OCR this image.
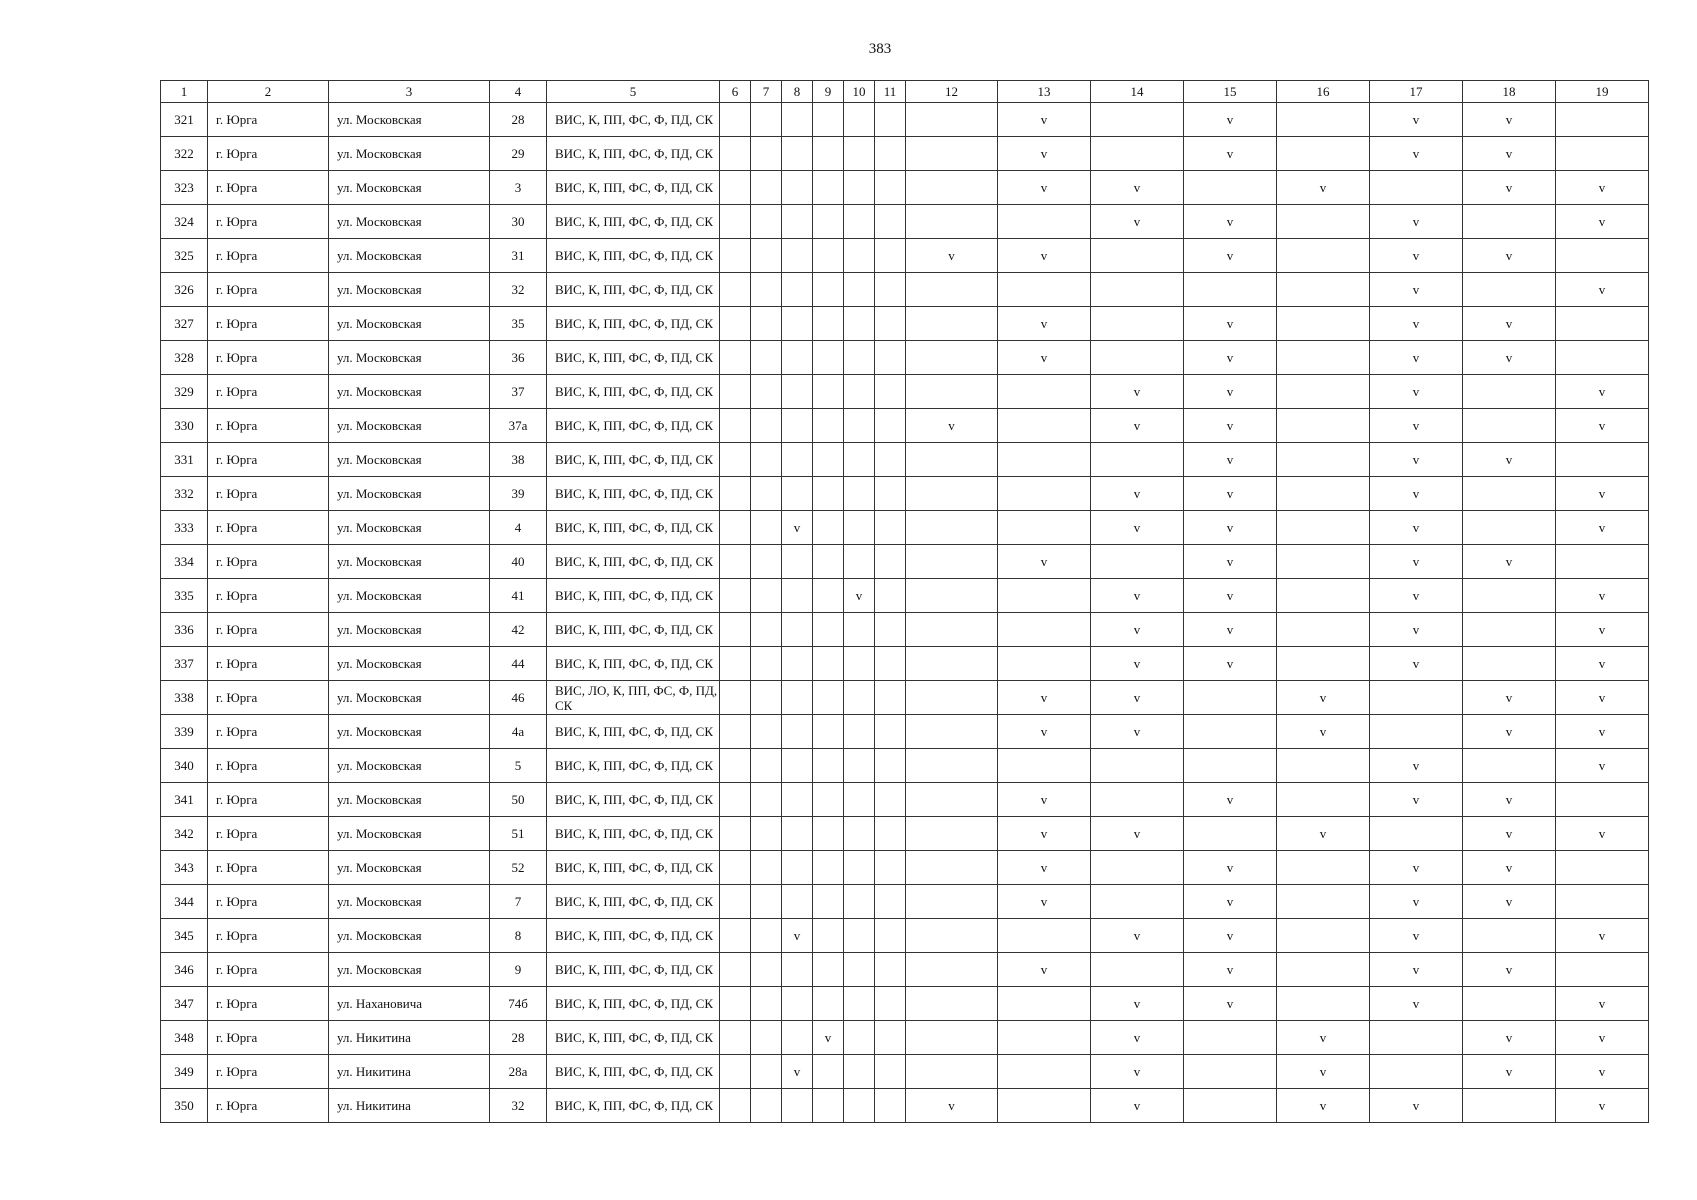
383
1	2	3	4	5	6	7	8	9	10	11	12	13	14	15	16	17	18	19
321	г. Юрга	ул. Московская	28	ВИС, К, ПП, ФС, Ф, ПД, СК								v		v		v	v	
322	г. Юрга	ул. Московская	29	ВИС, К, ПП, ФС, Ф, ПД, СК								v		v		v	v	
323	г. Юрга	ул. Московская	3	ВИС, К, ПП, ФС, Ф, ПД, СК								v	v		v		v	v
324	г. Юрга	ул. Московская	30	ВИС, К, ПП, ФС, Ф, ПД, СК									v	v		v		v
325	г. Юрга	ул. Московская	31	ВИС, К, ПП, ФС, Ф, ПД, СК							v	v		v		v	v	
326	г. Юрга	ул. Московская	32	ВИС, К, ПП, ФС, Ф, ПД, СК												v		v
327	г. Юрга	ул. Московская	35	ВИС, К, ПП, ФС, Ф, ПД, СК								v		v		v	v	
328	г. Юрга	ул. Московская	36	ВИС, К, ПП, ФС, Ф, ПД, СК								v		v		v	v	
329	г. Юрга	ул. Московская	37	ВИС, К, ПП, ФС, Ф, ПД, СК									v	v		v		v
330	г. Юрга	ул. Московская	37а	ВИС, К, ПП, ФС, Ф, ПД, СК							v		v	v		v		v
331	г. Юрга	ул. Московская	38	ВИС, К, ПП, ФС, Ф, ПД, СК										v		v	v	
332	г. Юрга	ул. Московская	39	ВИС, К, ПП, ФС, Ф, ПД, СК									v	v		v		v
333	г. Юрга	ул. Московская	4	ВИС, К, ПП, ФС, Ф, ПД, СК			v						v	v		v		v
334	г. Юрга	ул. Московская	40	ВИС, К, ПП, ФС, Ф, ПД, СК								v		v		v	v	
335	г. Юрга	ул. Московская	41	ВИС, К, ПП, ФС, Ф, ПД, СК					v				v	v		v		v
336	г. Юрга	ул. Московская	42	ВИС, К, ПП, ФС, Ф, ПД, СК									v	v		v		v
337	г. Юрга	ул. Московская	44	ВИС, К, ПП, ФС, Ф, ПД, СК									v	v		v		v
338	г. Юрга	ул. Московская	46	ВИС, ЛО, К, ПП, ФС, Ф, ПД, СК								v	v		v		v	v
339	г. Юрга	ул. Московская	4а	ВИС, К, ПП, ФС, Ф, ПД, СК								v	v		v		v	v
340	г. Юрга	ул. Московская	5	ВИС, К, ПП, ФС, Ф, ПД, СК												v		v
341	г. Юрга	ул. Московская	50	ВИС, К, ПП, ФС, Ф, ПД, СК								v		v		v	v	
342	г. Юрга	ул. Московская	51	ВИС, К, ПП, ФС, Ф, ПД, СК								v	v		v		v	v
343	г. Юрга	ул. Московская	52	ВИС, К, ПП, ФС, Ф, ПД, СК								v		v		v	v	
344	г. Юрга	ул. Московская	7	ВИС, К, ПП, ФС, Ф, ПД, СК								v		v		v	v	
345	г. Юрга	ул. Московская	8	ВИС, К, ПП, ФС, Ф, ПД, СК			v						v	v		v		v
346	г. Юрга	ул. Московская	9	ВИС, К, ПП, ФС, Ф, ПД, СК								v		v		v	v	
347	г. Юрга	ул. Нахановича	74б	ВИС, К, ПП, ФС, Ф, ПД, СК									v	v		v		v
348	г. Юрга	ул. Никитина	28	ВИС, К, ПП, ФС, Ф, ПД, СК				v					v		v		v	v
349	г. Юрга	ул. Никитина	28а	ВИС, К, ПП, ФС, Ф, ПД, СК			v						v		v		v	v
350	г. Юрга	ул. Никитина	32	ВИС, К, ПП, ФС, Ф, ПД, СК							v		v		v	v		v
